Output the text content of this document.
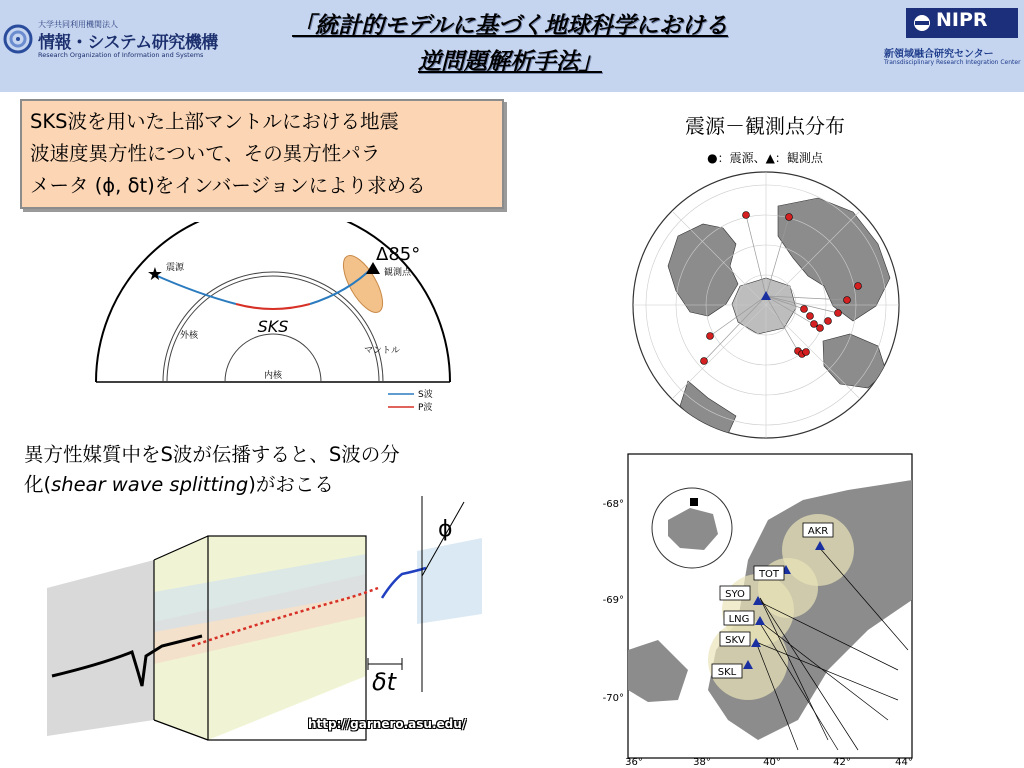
大学共同利用機関法人
情報・システム研究機構
Research Organization of Information and Systems
「統計的モデルに基づく地球科学における
逆問題解析手法」
NIPR
新領域融合研究センター
Transdisciplinary Research Integration Center
SKS波を用いた上部マントルにおける地震
波速度異方性について、その異方性パラ
メータ (ϕ, δt)をインバージョンにより求める
★ 震源
Δ85°
観測点
SKS
外核
内核
マントル
S波
P波
震源－観測点分布
●：震源、▲：観測点
ϕ
δt
http://garnero.asu.edu/
異方性媒質中をS波が伝播すると、S波の分
化(shear wave splitting)がおこる
AKR
TOT
SYO
LNG
SKV
SKL
-68°
-69°
-70°
36°	38°	40°	42°	44°
